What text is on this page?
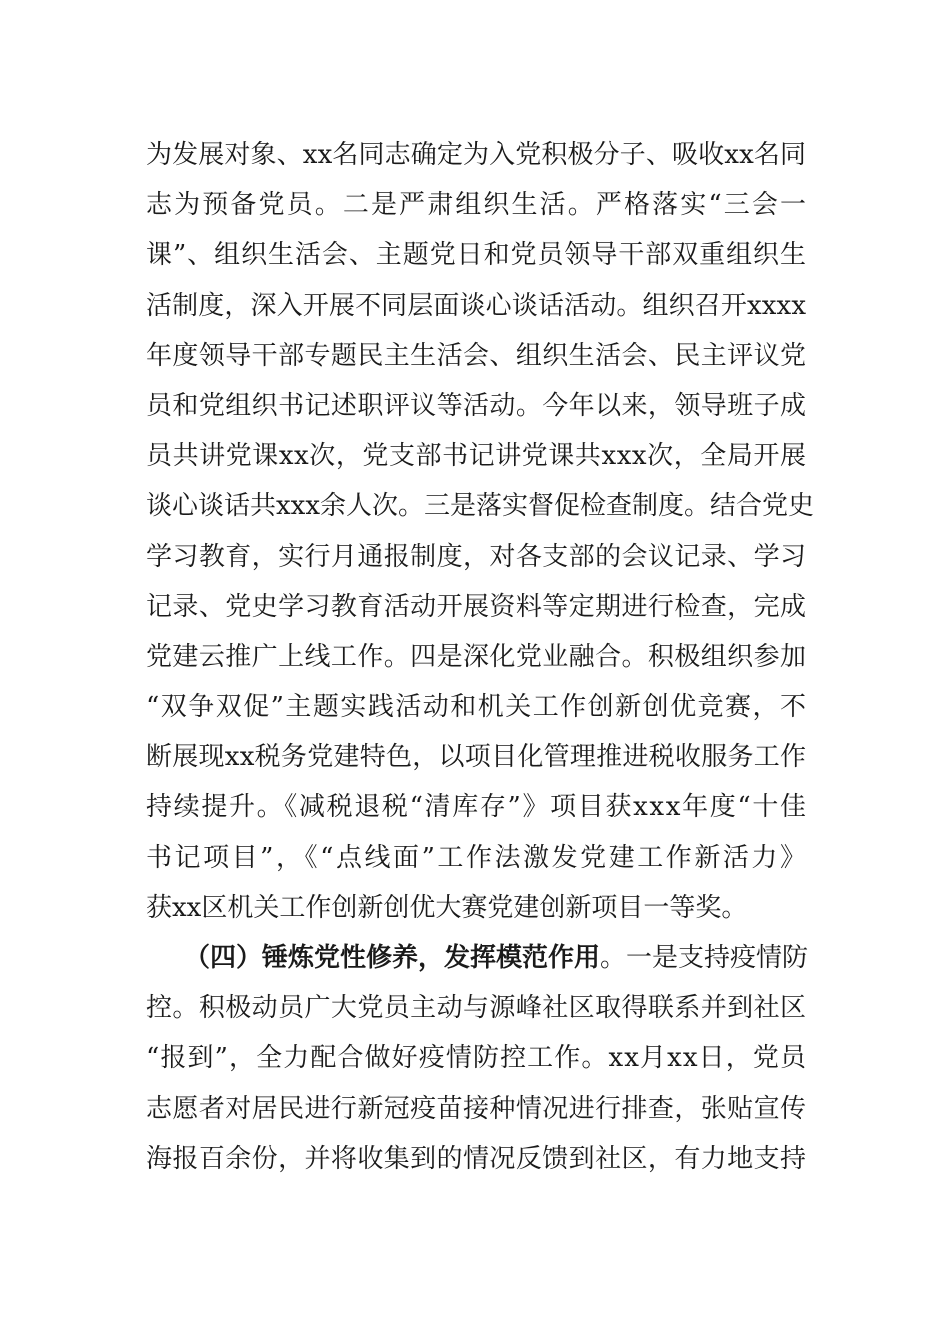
为发展对象、xx名同志确定为入党积极分子、吸收xx名同
志为预备党员。二是严肃组织生活。严格落实“三会一
课”、组织生活会、主题党日和党员领导干部双重组织生
活制度，深入开展不同层面谈心谈话活动。组织召开xxxx
年度领导干部专题民主生活会、组织生活会、民主评议党
员和党组织书记述职评议等活动。今年以来，领导班子成
员共讲党课xx次，党支部书记讲党课共xxx次，全局开展
谈心谈话共xxx余人次。三是落实督促检查制度。结合党史
学习教育，实行月通报制度，对各支部的会议记录、学习
记录、党史学习教育活动开展资料等定期进行检查，完成
党建云推广上线工作。四是深化党业融合。积极组织参加
“双争双促”主题实践活动和机关工作创新创优竞赛，不
断展现xx税务党建特色，以项目化管理推进税收服务工作
持续提升。《减税退税“清库存”》项目获xxx年度“十佳
书记项目”，《“点线面”工作法激发党建工作新活力》
获xx区机关工作创新创优大赛党建创新项目一等奖。
（四）锤炼党性修养，发挥模范作用 。一是支持疫情防
控。积极动员广大党员主动与源峰社区取得联系并到社区
“报到”，全力配合做好疫情防控工作。xx月xx日，党员
志愿者对居民进行新冠疫苗接种情况进行排查，张贴宣传
海报百余份，并将收集到的情况反馈到社区，有力地支持
